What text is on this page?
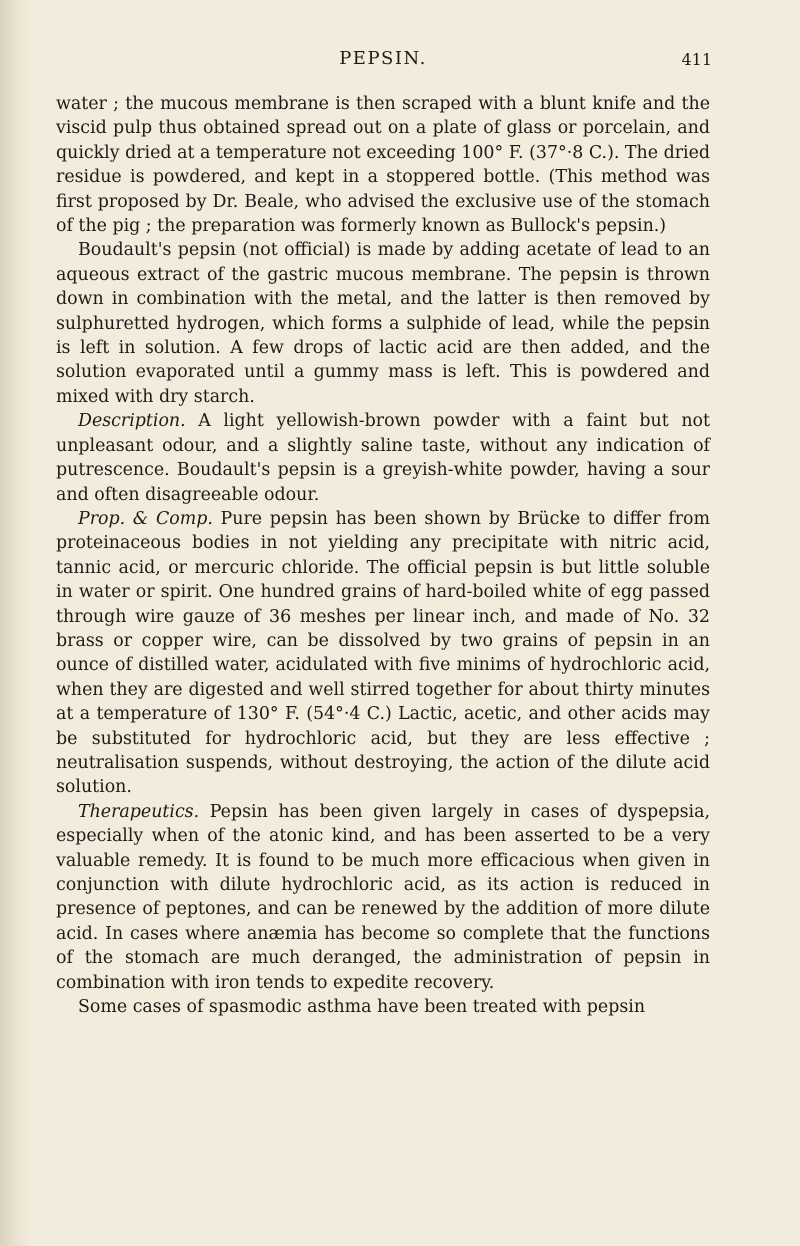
PEPSIN.	411

water ; the mucous membrane is then scraped with a blunt knife and the viscid pulp thus obtained spread out on a plate of glass or porcelain, and quickly dried at a temperature not exceeding 100° F. (37°·8 C.). The dried residue is powdered, and kept in a stoppered bottle. (This method was first proposed by Dr. Beale, who advised the exclusive use of the stomach of the pig ; the preparation was formerly known as Bullock's pepsin.)

Boudault's pepsin (not official) is made by adding acetate of lead to an aqueous extract of the gastric mucous membrane. The pepsin is thrown down in combination with the metal, and the latter is then removed by sulphuretted hydrogen, which forms a sulphide of lead, while the pepsin is left in solution. A few drops of lactic acid are then added, and the solution evaporated until a gummy mass is left. This is powdered and mixed with dry starch.

Description. A light yellowish-brown powder with a faint but not unpleasant odour, and a slightly saline taste, without any indication of putrescence. Boudault's pepsin is a greyish-white powder, having a sour and often disagreeable odour.

Prop. & Comp. Pure pepsin has been shown by Brücke to differ from proteinaceous bodies in not yielding any precipitate with nitric acid, tannic acid, or mercuric chloride. The official pepsin is but little soluble in water or spirit. One hundred grains of hard-boiled white of egg passed through wire gauze of 36 meshes per linear inch, and made of No. 32 brass or copper wire, can be dissolved by two grains of pepsin in an ounce of distilled water, acidulated with five minims of hydrochloric acid, when they are digested and well stirred together for about thirty minutes at a temperature of 130° F. (54°·4 C.) Lactic, acetic, and other acids may be substituted for hydrochloric acid, but they are less effective ; neutralisation suspends, without destroying, the action of the dilute acid solution.

Therapeutics. Pepsin has been given largely in cases of dyspepsia, especially when of the atonic kind, and has been asserted to be a very valuable remedy. It is found to be much more efficacious when given in conjunction with dilute hydrochloric acid, as its action is reduced in presence of peptones, and can be renewed by the addition of more dilute acid. In cases where anæmia has become so complete that the functions of the stomach are much deranged, the administration of pepsin in combination with iron tends to expedite recovery.

Some cases of spasmodic asthma have been treated with pepsin
